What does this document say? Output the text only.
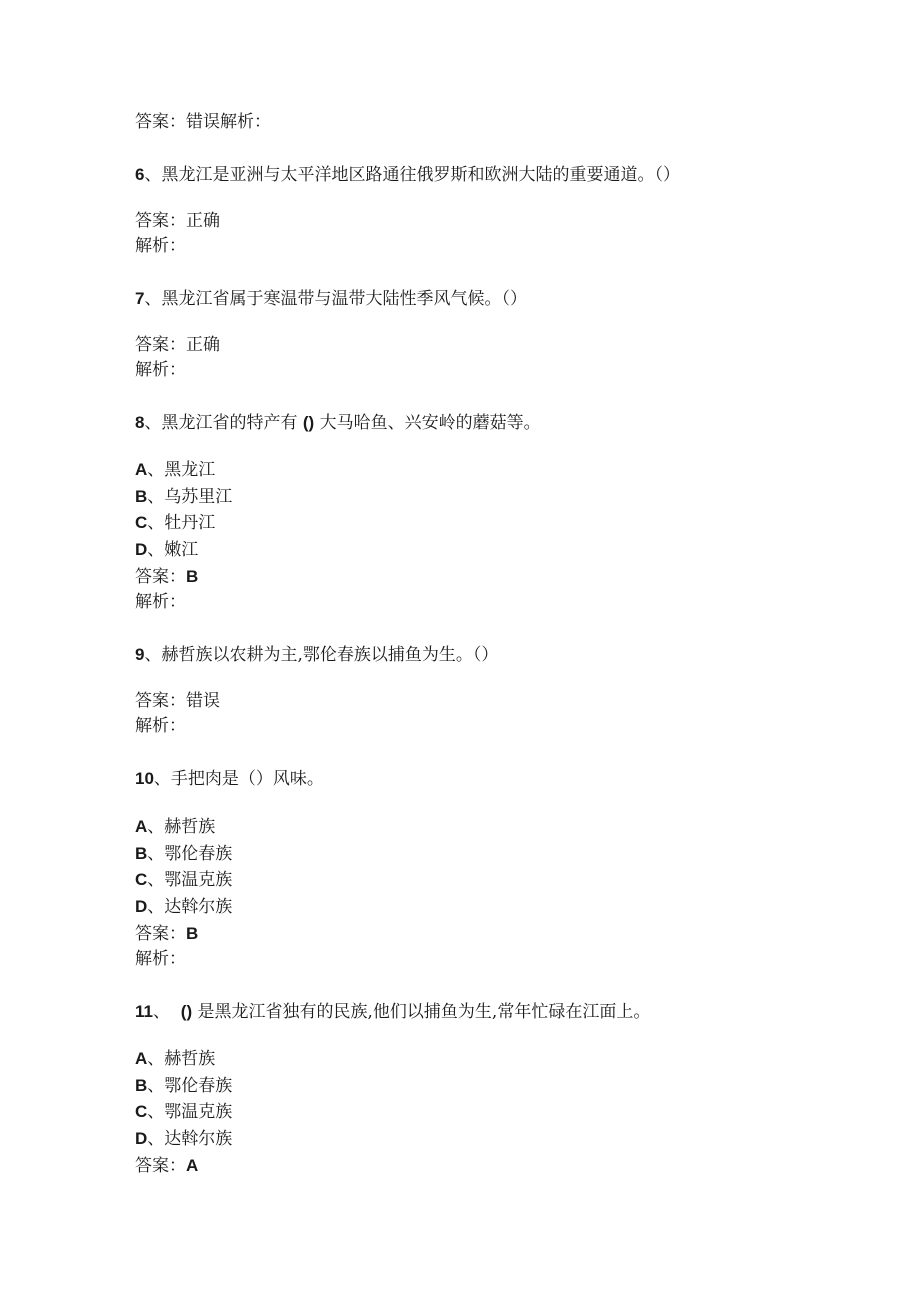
答案：错误解析：
6、黑龙江是亚洲与太平洋地区路通往俄罗斯和欧洲大陆的重要通道。（）
答案：正确
解析：
7、黑龙江省属于寒温带与温带大陆性季风气候。（）
答案：正确
解析：
8、黑龙江省的特产有 () 大马哈鱼、兴安岭的蘑菇等。
A、黑龙江
B、乌苏里江
C、牡丹江
D、嫩江
答案：B
解析：
9、赫哲族以农耕为主,鄂伦春族以捕鱼为生。（）
答案：错误
解析：
10、手把肉是（）风味。
A、赫哲族
B、鄂伦春族
C、鄂温克族
D、达斡尔族
答案：B
解析：
11、 () 是黑龙江省独有的民族,他们以捕鱼为生,常年忙碌在江面上。
A、赫哲族
B、鄂伦春族
C、鄂温克族
D、达斡尔族
答案：A
